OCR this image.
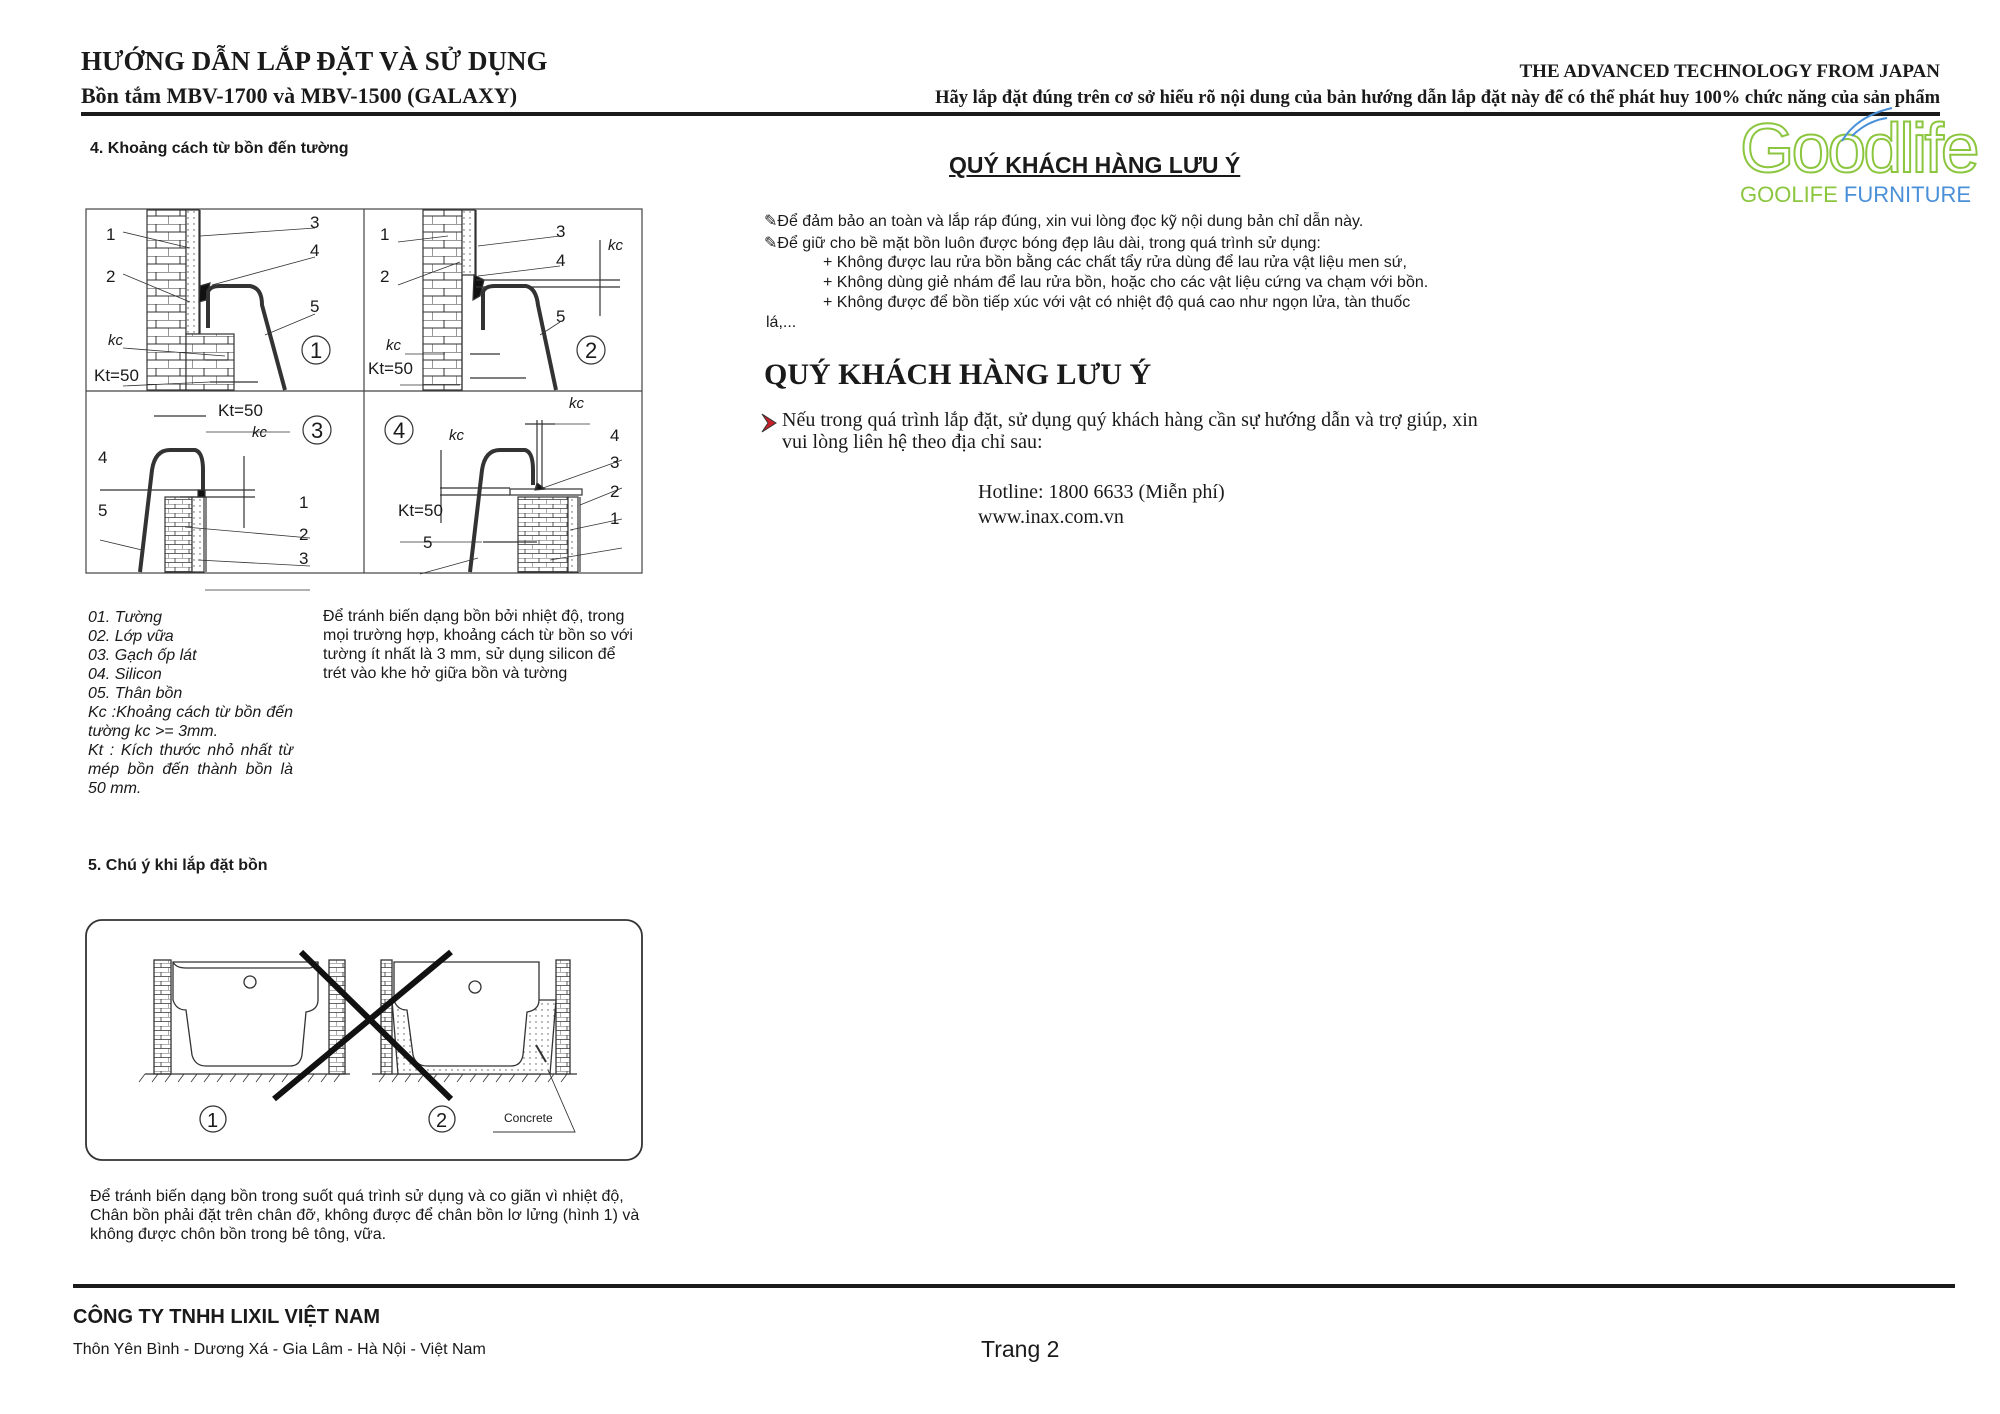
HƯỚNG DẪN LẮP ĐẶT VÀ SỬ DỤNG
Bồn tắm MBV-1700 và MBV-1500 (GALAXY)
THE ADVANCED TECHNOLOGY FROM JAPAN
Hãy lắp đặt đúng trên cơ sở hiểu rõ nội dung của bản hướng dẫn lắp đặt này để có thể phát huy 100% chức năng của sản phẩm
Goodlife
GOOLIFE FURNITURE
4. Khoảng cách từ bồn đến tường
1
2
3
4
5
kc
Kt=50
1
1
2
3
4
5
kc
kc
Kt=50
2
Kt=50
kc
4
5	1
2
3
3
kc
kc	4
3
2
1
Kt=50
5
4
1	2	Concrete
01. Tường
02. Lớp vữa
03. Gạch ốp lát
04. Silicon
05. Thân bồn
Kc :Khoảng cách từ bồn đến tường kc >= 3mm.
Kt : Kích thước nhỏ nhất từ mép bồn đến thành bồn là 50 mm.
Để tránh biến dạng bồn bởi nhiệt độ, trong mọi trường hợp, khoảng cách từ bồn so với tường ít nhất là 3 mm, sử dụng silicon để trét vào khe hở giữa bồn và tường
5. Chú ý khi lắp đặt bồn
Để tránh biến dạng bồn trong suốt quá trình sử dụng và co giãn vì nhiệt độ, Chân bồn phải đặt trên chân đỡ, không được để chân bồn lơ lửng (hình 1) và không được chôn bồn trong bê tông, vữa.
QUÝ KHÁCH HÀNG LƯU Ý
✎Để đảm bảo an toàn và lắp ráp đúng, xin vui lòng đọc kỹ nội dung bản chỉ dẫn này.
✎Để giữ cho bề mặt bồn luôn được bóng đẹp lâu dài, trong quá trình sử dụng:
+ Không được lau rửa bồn bằng các chất tẩy rửa dùng để lau rửa vật liệu men sứ,
+ Không dùng giẻ nhám để lau rửa bồn, hoặc cho các vật liệu cứng va chạm với bồn.
+ Không được để bồn tiếp xúc với vật có nhiệt độ quá cao như ngọn lửa, tàn thuốc
lá,...
QUÝ KHÁCH HÀNG LƯU Ý
Nếu trong quá trình lắp đặt, sử dụng quý khách hàng cần sự hướng dẫn và trợ giúp, xin
vui lòng liên hệ theo địa chỉ sau:
Hotline: 1800 6633 (Miễn phí)
www.inax.com.vn
CÔNG TY TNHH LIXIL VIỆT NAM
Thôn Yên Bình - Dương Xá - Gia Lâm - Hà Nội - Việt Nam	Trang 2
